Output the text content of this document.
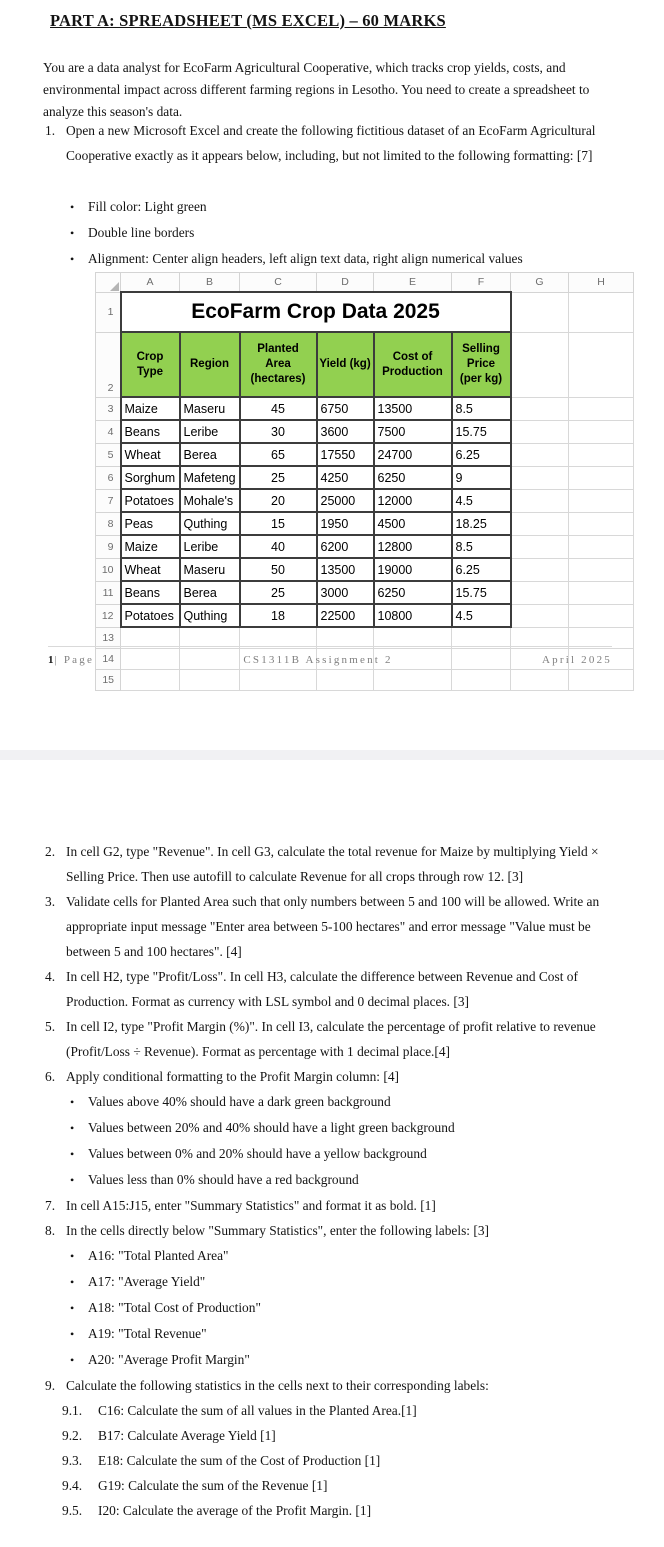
PART A: SPREADSHEET (MS EXCEL) – 60 MARKS

You are a data analyst for EcoFarm Agricultural Cooperative, which tracks crop yields, costs, and environmental impact across different farming regions in Lesotho. You need to create a spreadsheet to analyze this season's data.

1. Open a new Microsoft Excel and create the following fictitious dataset of an EcoFarm Agricultural Cooperative exactly as it appears below, including, but not limited to the following formatting: [7]
•	Fill color: Light green
•	Double line borders
•	Alignment: Center align headers, left align text data, right align numerical values
	A	B	C	D	E	F	G	H
1	EcoFarm Crop Data 2025							
2	Crop Type	Region	Planted Area (hectares)	Yield (kg)	Cost of Production	Selling Price (per kg)		
3	Maize	Maseru	45	6750	13500	8.5		
4	Beans	Leribe	30	3600	7500	15.75		
5	Wheat	Berea	65	17550	24700	6.25		
6	Sorghum	Mafeteng	25	4250	6250	9		
7	Potatoes	Mohale's	20	25000	12000	4.5		
8	Peas	Quthing	15	1950	4500	18.25		
9	Maize	Leribe	40	6200	12800	8.5		
10	Wheat	Maseru	50	13500	19000	6.25		
11	Beans	Berea	25	3000	6250	15.75		
12	Potatoes	Quthing	18	22500	10800	4.5		
13								
14								
15								
1| Page	CS1311B Assignment 2	April 2025
2. In cell G2, type "Revenue". In cell G3, calculate the total revenue for Maize by multiplying Yield × Selling Price. Then use autofill to calculate Revenue for all crops through row 12. [3]
3. Validate cells for Planted Area such that only numbers between 5 and 100 will be allowed. Write an appropriate input message "Enter area between 5-100 hectares" and error message "Value must be between 5 and 100 hectares". [4]
4. In cell H2, type "Profit/Loss". In cell H3, calculate the difference between Revenue and Cost of Production. Format as currency with LSL symbol and 0 decimal places. [3]
5. In cell I2, type "Profit Margin (%)". In cell I3, calculate the percentage of profit relative to revenue (Profit/Loss ÷ Revenue). Format as percentage with 1 decimal place.[4]
6. Apply conditional formatting to the Profit Margin column: [4]
•	Values above 40% should have a dark green background
•	Values between 20% and 40% should have a light green background
•	Values between 0% and 20% should have a yellow background
•	Values less than 0% should have a red background
7. In cell A15:J15, enter "Summary Statistics" and format it as bold. [1]
8. In the cells directly below "Summary Statistics", enter the following labels: [3]
•	A16: "Total Planted Area"
•	A17: "Average Yield"
•	A18: "Total Cost of Production"
•	A19: "Total Revenue"
•	A20: "Average Profit Margin"
9. Calculate the following statistics in the cells next to their corresponding labels:
9.1.	C16: Calculate the sum of all values in the Planted Area.[1]
9.2.	B17: Calculate Average Yield [1]
9.3.	E18: Calculate the sum of the Cost of Production [1]
9.4.	G19: Calculate the sum of the Revenue [1]
9.5.	I20: Calculate the average of the Profit Margin. [1]
